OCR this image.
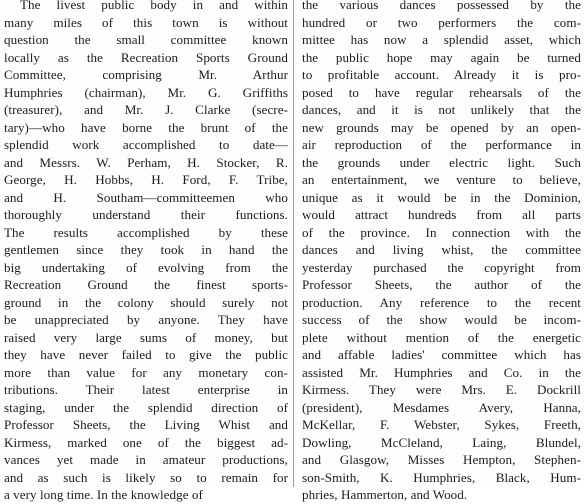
The livest public body in and within
many miles of this town is without
question the small committee known
locally as the Recreation Sports Ground
Committee, comprising Mr. Arthur
Humphries (chairman), Mr. G. Griffiths
(treasurer), and Mr. J. Clarke (secre-
tary)—who have borne the brunt of the
splendid work accomplished to date—
and Messrs. W. Perham, H. Stocker, R.
George, H. Hobbs, H. Ford, F. Tribe,
and H. Southam—committeemen who
thoroughly understand their functions.
The results accomplished by these
gentlemen since they took in hand the
big undertaking of evolving from the
Recreation Ground the finest sports-
ground in the colony should surely not
be unappreciated by anyone. They have
raised very large sums of money, but
they have never failed to give the public
more than value for any monetary con-
tributions. Their latest enterprise in
staging, under the splendid direction of
Professor Sheets, the Living Whist and
Kirmess, marked one of the biggest ad-
vances yet made in amateur productions,
and as such is likely so to remain for
a very long time. In the knowledge of
the various dances possessed by the
hundred or two performers the com-
mittee has now a splendid asset, which
the public hope may again be turned
to profitable account. Already it is pro-
posed to have regular rehearsals of the
dances, and it is not unlikely that the
new grounds may be opened by an open-
air reproduction of the performance in
the grounds under electric light. Such
an entertainment, we venture to believe,
unique as it would be in the Dominion,
would attract hundreds from all parts
of the province. In connection with the
dances and living whist, the committee
yesterday purchased the copyright from
Professor Sheets, the author of the
production. Any reference to the recent
success of the show would be incom-
plete without mention of the energetic
and affable ladies' committee which has
assisted Mr. Humphries and Co. in the
Kirmess. They were Mrs. E. Dockrill
(president), Mesdames Avery, Hanna,
McKellar, F. Webster, Sykes, Freeth,
Dowling, McCleland, Laing, Blundel,
and Glasgow, Misses Hempton, Stephen-
son-Smith, K. Humphries, Black, Hum-
phries, Hammerton, and Wood.
